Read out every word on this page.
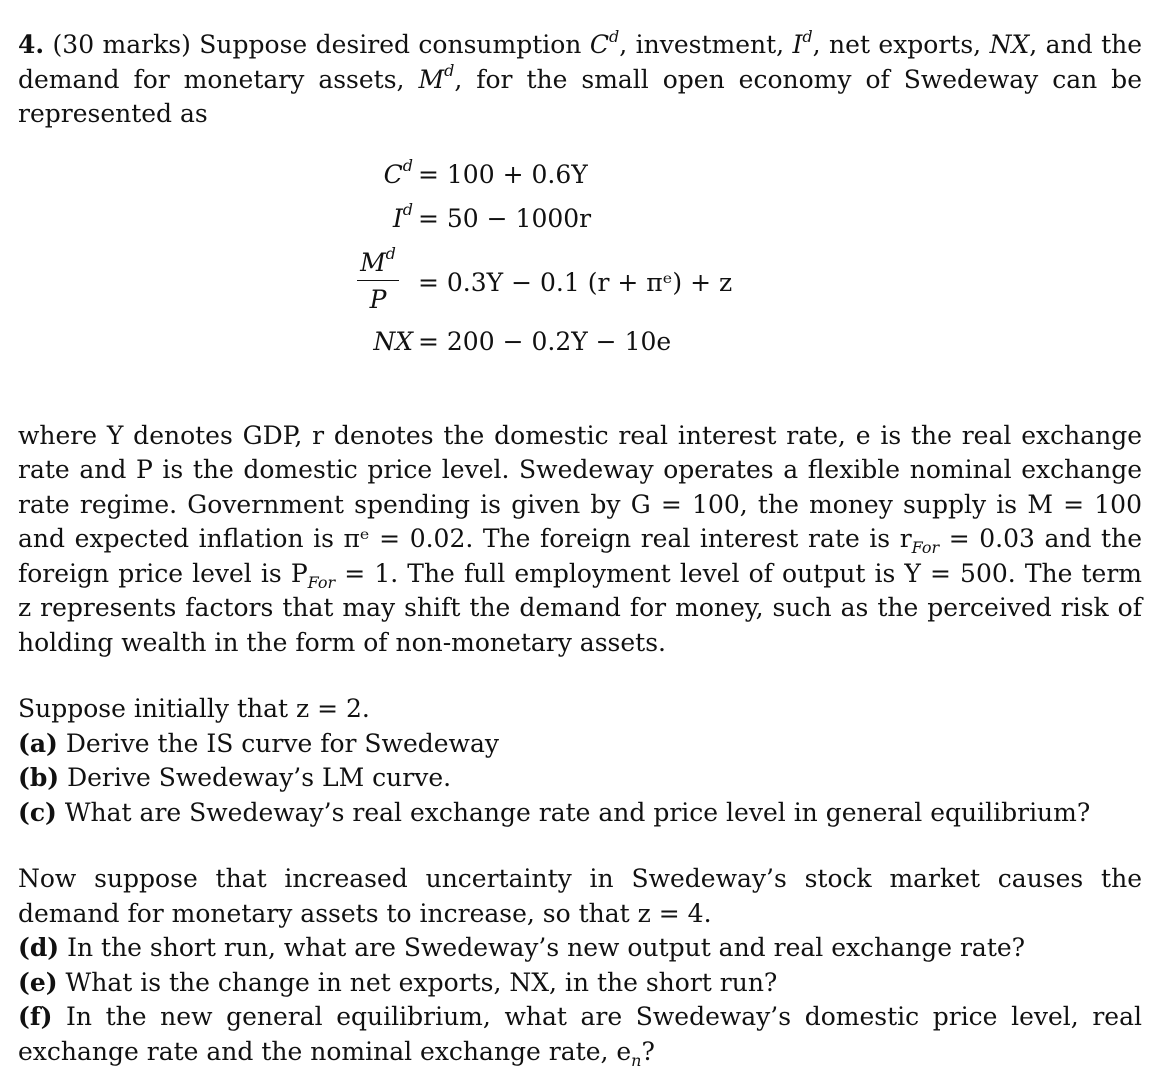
4. (30 marks) Suppose desired consumption $C^d$, investment, $I^d$, net exports, NX, and the demand for monetary assets, $M^d$, for the small open economy of Swedeway can be represented as

$C^d = 100 + 0.6Y$
$I^d = 50 - 1000r$
$M^d$
P
= 0.3Y − 0.1 (r + πᵉ) + z
NX = 200 − 0.2Y − 10e

where Y denotes GDP, r denotes the domestic real interest rate, e is the real exchange rate and P is the domestic price level. Swedeway operates a flexible nominal exchange rate regime. Government spending is given by G = 100, the money supply is M = 100 and expected inflation is πᵉ = 0.02. The foreign real interest rate is $r_{For} = 0.03$ and the foreign price level is $P_{For} = 1$. The full employment level of output is Y = 500. The term z represents factors that may shift the demand for money, such as the perceived risk of holding wealth in the form of non-monetary assets.

Suppose initially that z = 2.

(a) Derive the IS curve for Swedeway

(b) Derive Swedeway’s LM curve.

(c) What are Swedeway’s real exchange rate and price level in general equilibrium?

Now suppose that increased uncertainty in Swedeway’s stock market causes the demand for monetary assets to increase, so that z = 4.

(d) In the short run, what are Swedeway’s new output and real exchange rate?

(e) What is the change in net exports, NX, in the short run?

(f) In the new general equilibrium, what are Swedeway’s domestic price level, real exchange rate and the nominal exchange rate, $e_n$?
